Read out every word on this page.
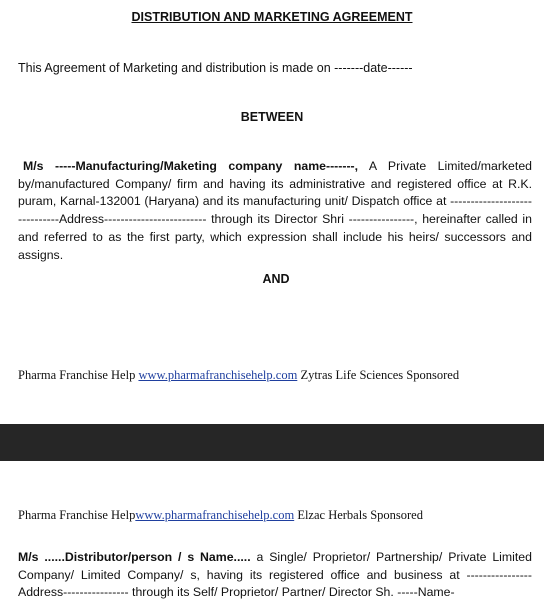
DISTRIBUTION AND MARKETING AGREEMENT
This Agreement of Marketing and distribution is made on -------date------
BETWEEN
M/s -----Manufacturing/Maketing company name-------, A Private Limited/marketed by/manufactured Company/ firm and having its administrative and registered office at R.K. puram, Karnal-132001 (Haryana) and its manufacturing unit/ Dispatch office at ------------------------------Address------------------------- through its Director Shri ----------------, hereinafter called in and referred to as the first party, which expression shall include his heirs/ successors and assigns.
AND
Pharma Franchise Help www.pharmafranchisehelp.com Zytras Life Sciences Sponsored
Pharma Franchise Helpwww.pharmafranchisehelp.com Elzac Herbals Sponsored
M/s ......Distributor/person / s Name..... a Single/ Proprietor/ Partnership/ Private Limited Company/ Limited Company/ s, having its registered office and business at ----------------Address---------------- through its Self/ Proprietor/ Partner/ Director Sh. -----Name-
